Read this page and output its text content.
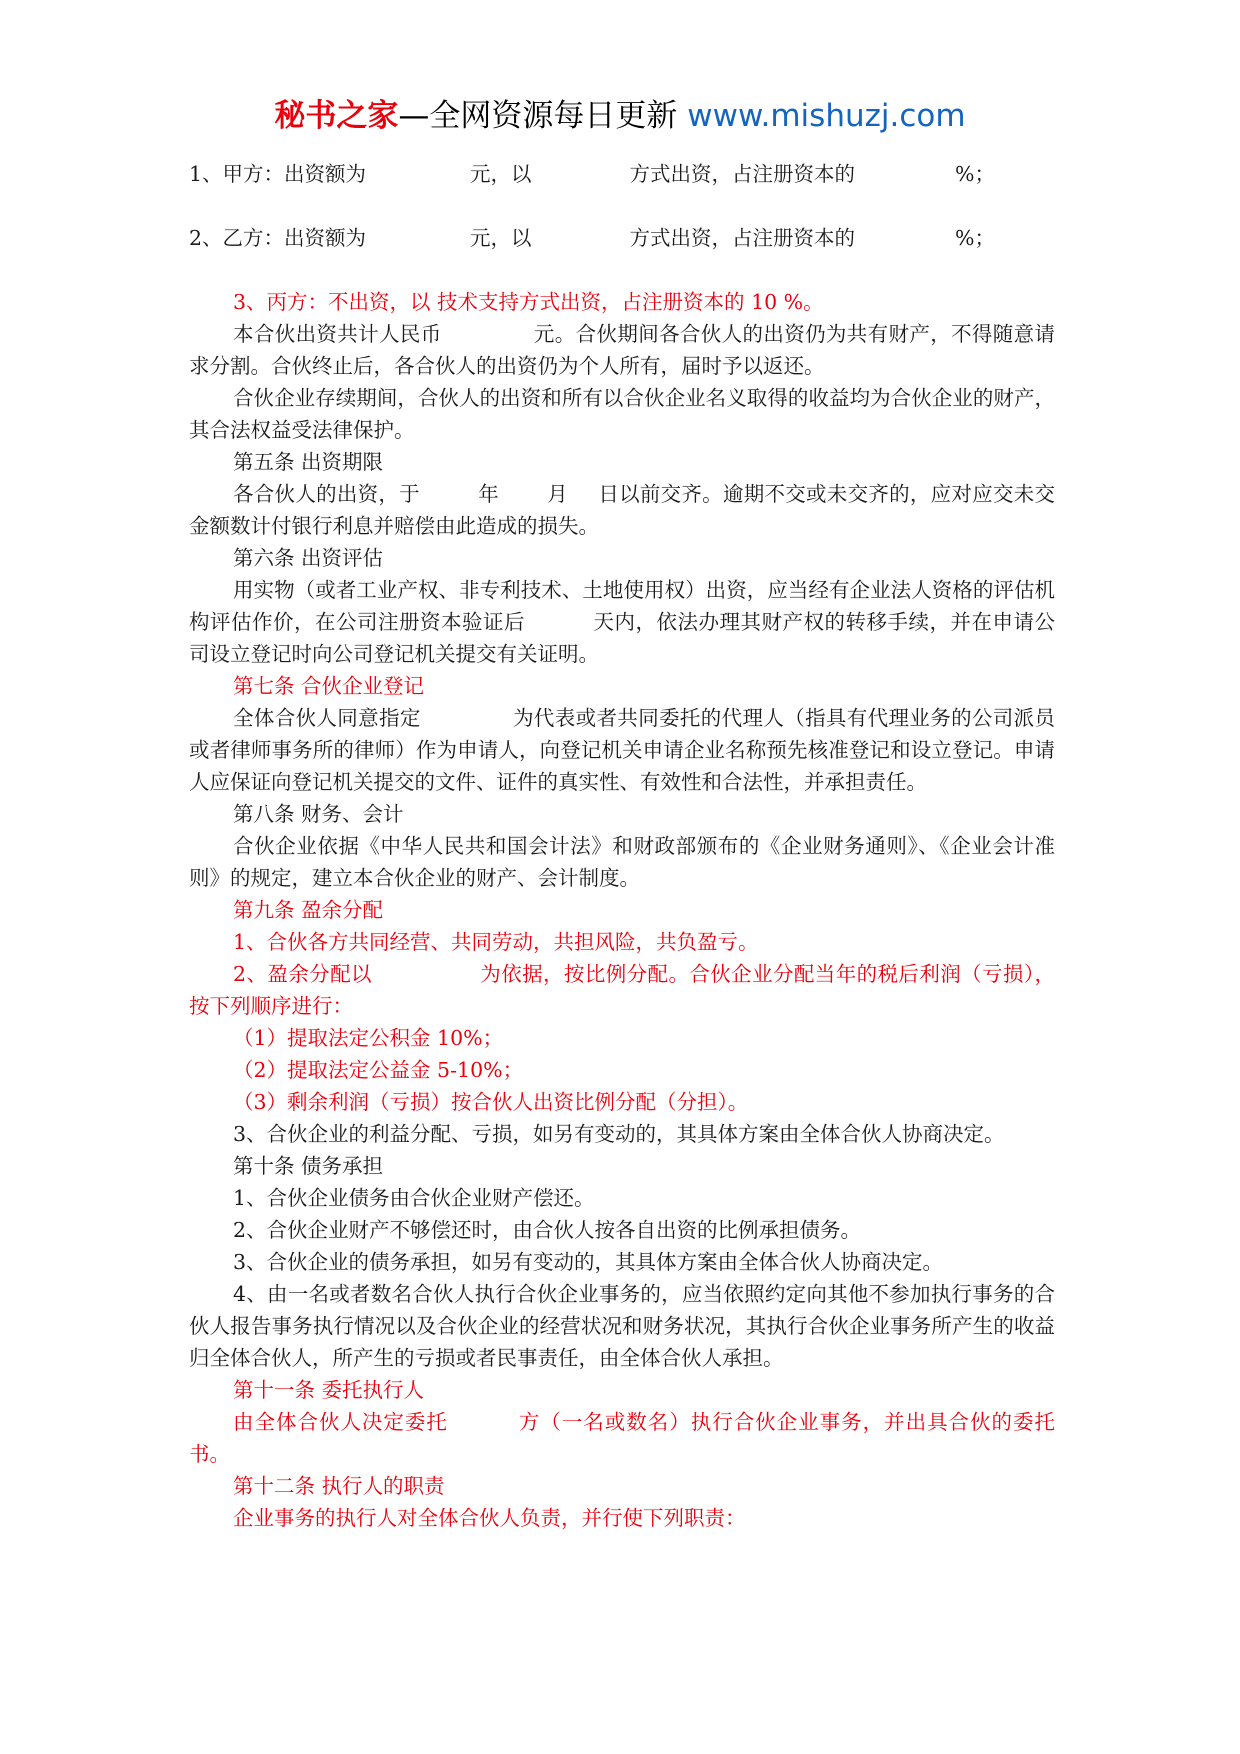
秘书之家—全网资源每日更新 www.mishuzj.com

1、甲方：出资额为	元，以	方式出资，占注册资本的	%；

2、乙方：出资额为	元，以	方式出资，占注册资本的	%；

3、丙方：不出资，以 技术支持方式出资，占注册资本的 10 %。

本合伙出资共计人民币	元。合伙期间各合伙人的出资仍为共有财产，不得随意请求分割。合伙终止后，各合伙人的出资仍为个人所有，届时予以返还。

合伙企业存续期间，合伙人的出资和所有以合伙企业名义取得的收益均为合伙企业的财产，其合法权益受法律保护。

第五条 出资期限

各合伙人的出资，于	年 月 日以前交齐。逾期不交或未交齐的，应对应交未交金额数计付银行利息并赔偿由此造成的损失。

第六条 出资评估

用实物（或者工业产权、非专利技术、土地使用权）出资，应当经有企业法人资格的评估机构评估作价，在公司注册资本验证后	天内，依法办理其财产权的转移手续，并在申请公司设立登记时向公司登记机关提交有关证明。

第七条 合伙企业登记

全体合伙人同意指定	为代表或者共同委托的代理人（指具有代理业务的公司派员或者律师事务所的律师）作为申请人，向登记机关申请企业名称预先核准登记和设立登记。申请人应保证向登记机关提交的文件、证件的真实性、有效性和合法性，并承担责任。

第八条 财务、会计

合伙企业依据《中华人民共和国会计法》和财政部颁布的《企业财务通则》、《企业会计准则》的规定，建立本合伙企业的财产、会计制度。

第九条 盈余分配

1、合伙各方共同经营、共同劳动，共担风险，共负盈亏。

2、盈余分配以	为依据，按比例分配。合伙企业分配当年的税后利润（亏损），按下列顺序进行：

（1）提取法定公积金 10%；

（2）提取法定公益金 5-10%；

（3）剩余利润（亏损）按合伙人出资比例分配（分担）。

3、合伙企业的利益分配、亏损，如另有变动的，其具体方案由全体合伙人协商决定。

第十条 债务承担

1、合伙企业债务由合伙企业财产偿还。

2、合伙企业财产不够偿还时，由合伙人按各自出资的比例承担债务。

3、合伙企业的债务承担，如另有变动的，其具体方案由全体合伙人协商决定。

4、由一名或者数名合伙人执行合伙企业事务的，应当依照约定向其他不参加执行事务的合伙人报告事务执行情况以及合伙企业的经营状况和财务状况，其执行合伙企业事务所产生的收益归全体合伙人，所产生的亏损或者民事责任，由全体合伙人承担。

第十一条 委托执行人

由全体合伙人决定委托	方（一名或数名）执行合伙企业事务，并出具合伙的委托书。

第十二条 执行人的职责

企业事务的执行人对全体合伙人负责，并行使下列职责：
